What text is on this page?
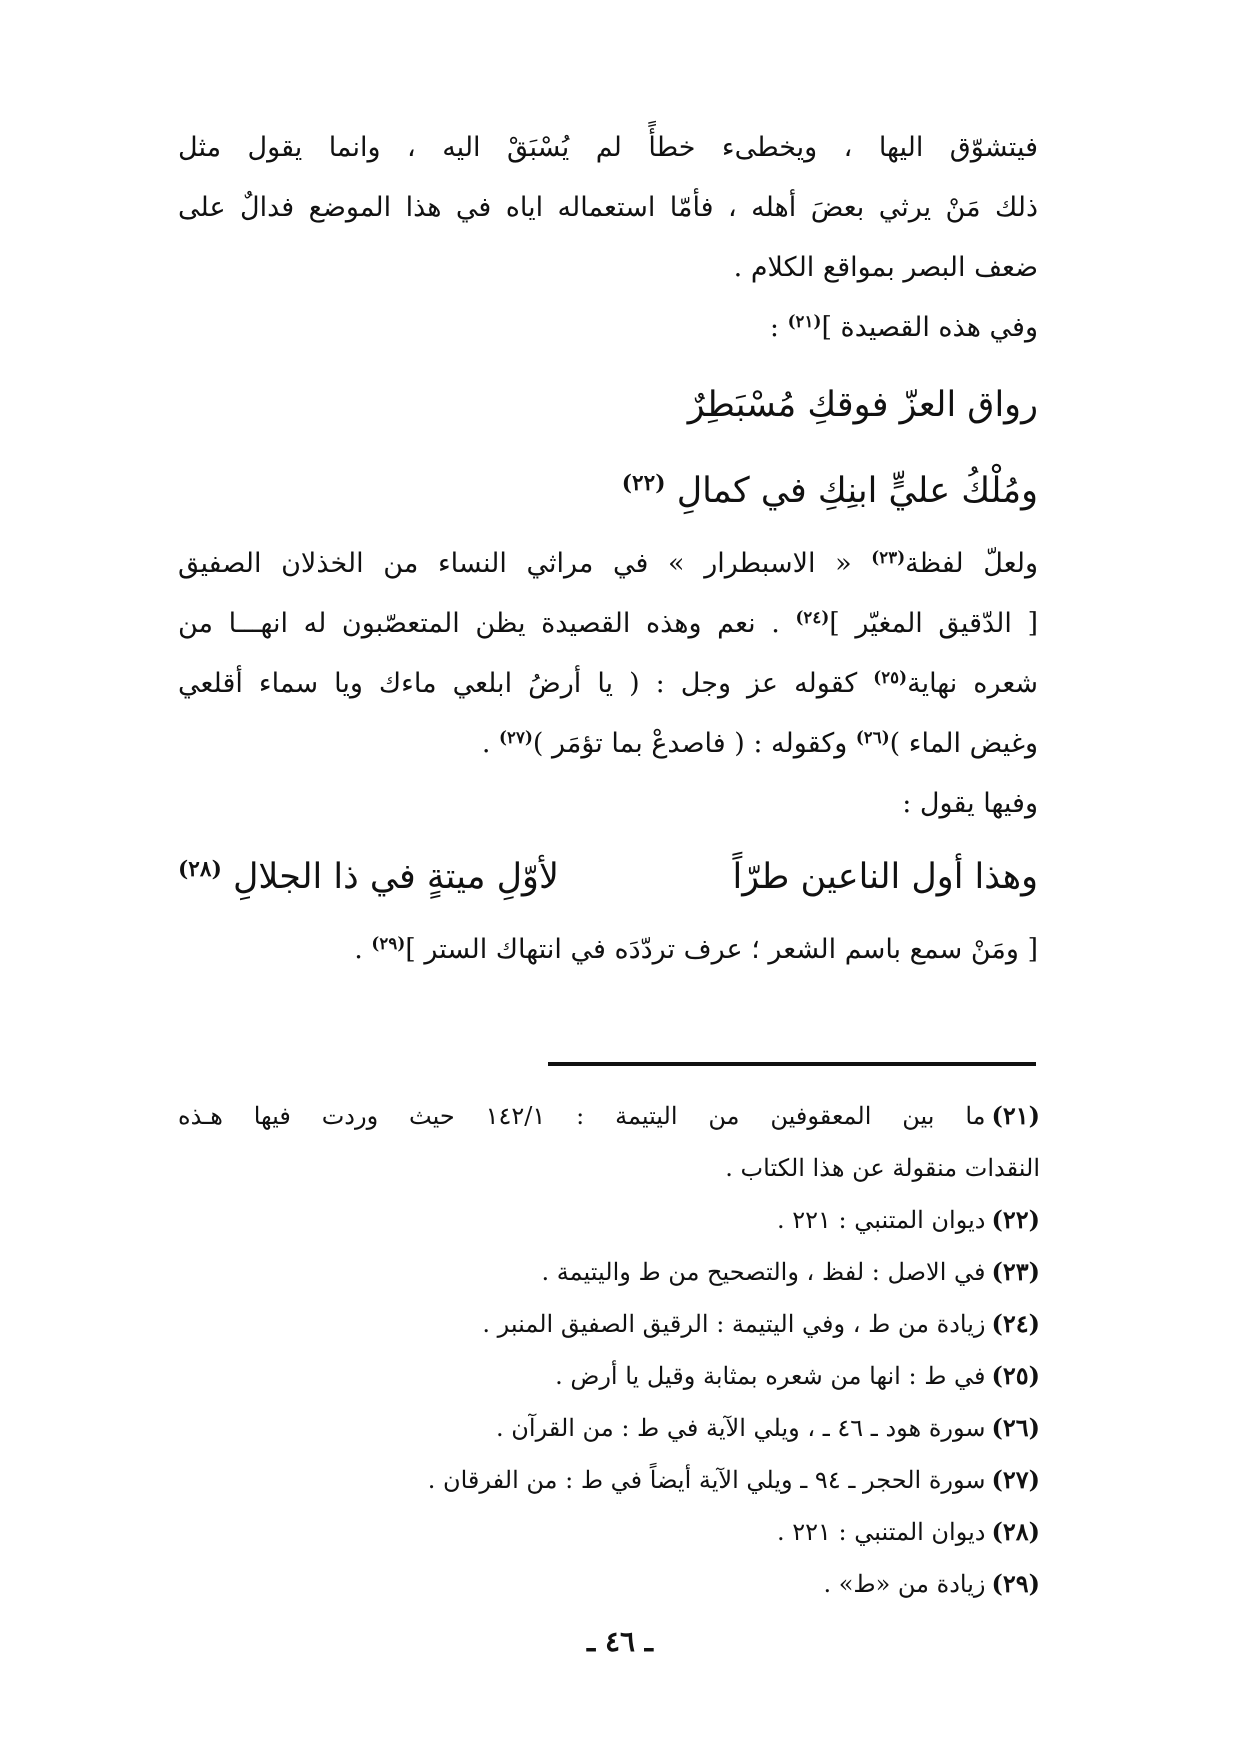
فيتشوّق اليها ، ويخطىء خطأً لم يُسْبَقْ اليه ، وانما يقول مثل
ذلك مَنْ يرثي بعضَ أهله ، فأمّا استعماله اياه في هذا الموضع فدالٌ على
ضعف البصر بمواقع الكلام .
وفي هذه القصيدة ]$^{(٢١)}$ :
رواق العزّ فوقكِ مُسْبَطِرٌ
ومُلْكُ عليٍّ ابنِكِ في كمالِ $^{(٢٢)}$
ولعلّ لفظة$^{(٢٣)}$ « الاسبطرار » في مراثي النساء من الخذلان الصفيق
[ الدّقيق المغيّر ]$^{(٢٤)}$ . نعم وهذه القصيدة يظن المتعصّبون له انهـــا من
شعره نهاية$^{(٢٥)}$ كقوله عز وجل : ( يا أرضُ ابلعي ماءك ويا سماء أقلعي
وغيض الماء )$^{(٢٦)}$ وكقوله : ( فاصدعْ بما تؤمَر )$^{(٢٧)}$ .
وفيها يقول :
وهذا أول الناعين طرّاً
لأوّلِ ميتةٍ في ذا الجلالِ $^{(٢٨)}$
[ ومَنْ سمع باسم الشعر ؛ عرف تردّدَه في انتهاك الستر ]$^{(٢٩)}$ .
(٢١)ما بين المعقوفين من اليتيمة : ١٤٢/١ حيث وردت فيها هـذه
النقدات منقولة عن هذا الكتاب .
(٢٢)ديوان المتنبي : ٢٢١ .
(٢٣)في الاصل : لفظ ، والتصحيح من ط واليتيمة .
(٢٤)زيادة من ط ، وفي اليتيمة : الرقيق الصفيق المنبر .
(٢٥)في ط : انها من شعره بمثابة وقيل يا أرض .
(٢٦)سورة هود ـ ٤٦ ـ ، ويلي الآية في ط : من القرآن .
(٢٧)سورة الحجر ـ ٩٤ ـ ويلي الآية أيضاً في ط : من الفرقان .
(٢٨)ديوان المتنبي : ٢٢١ .
(٢٩)زيادة من «ط» .
ـ ٤٦ ـ
